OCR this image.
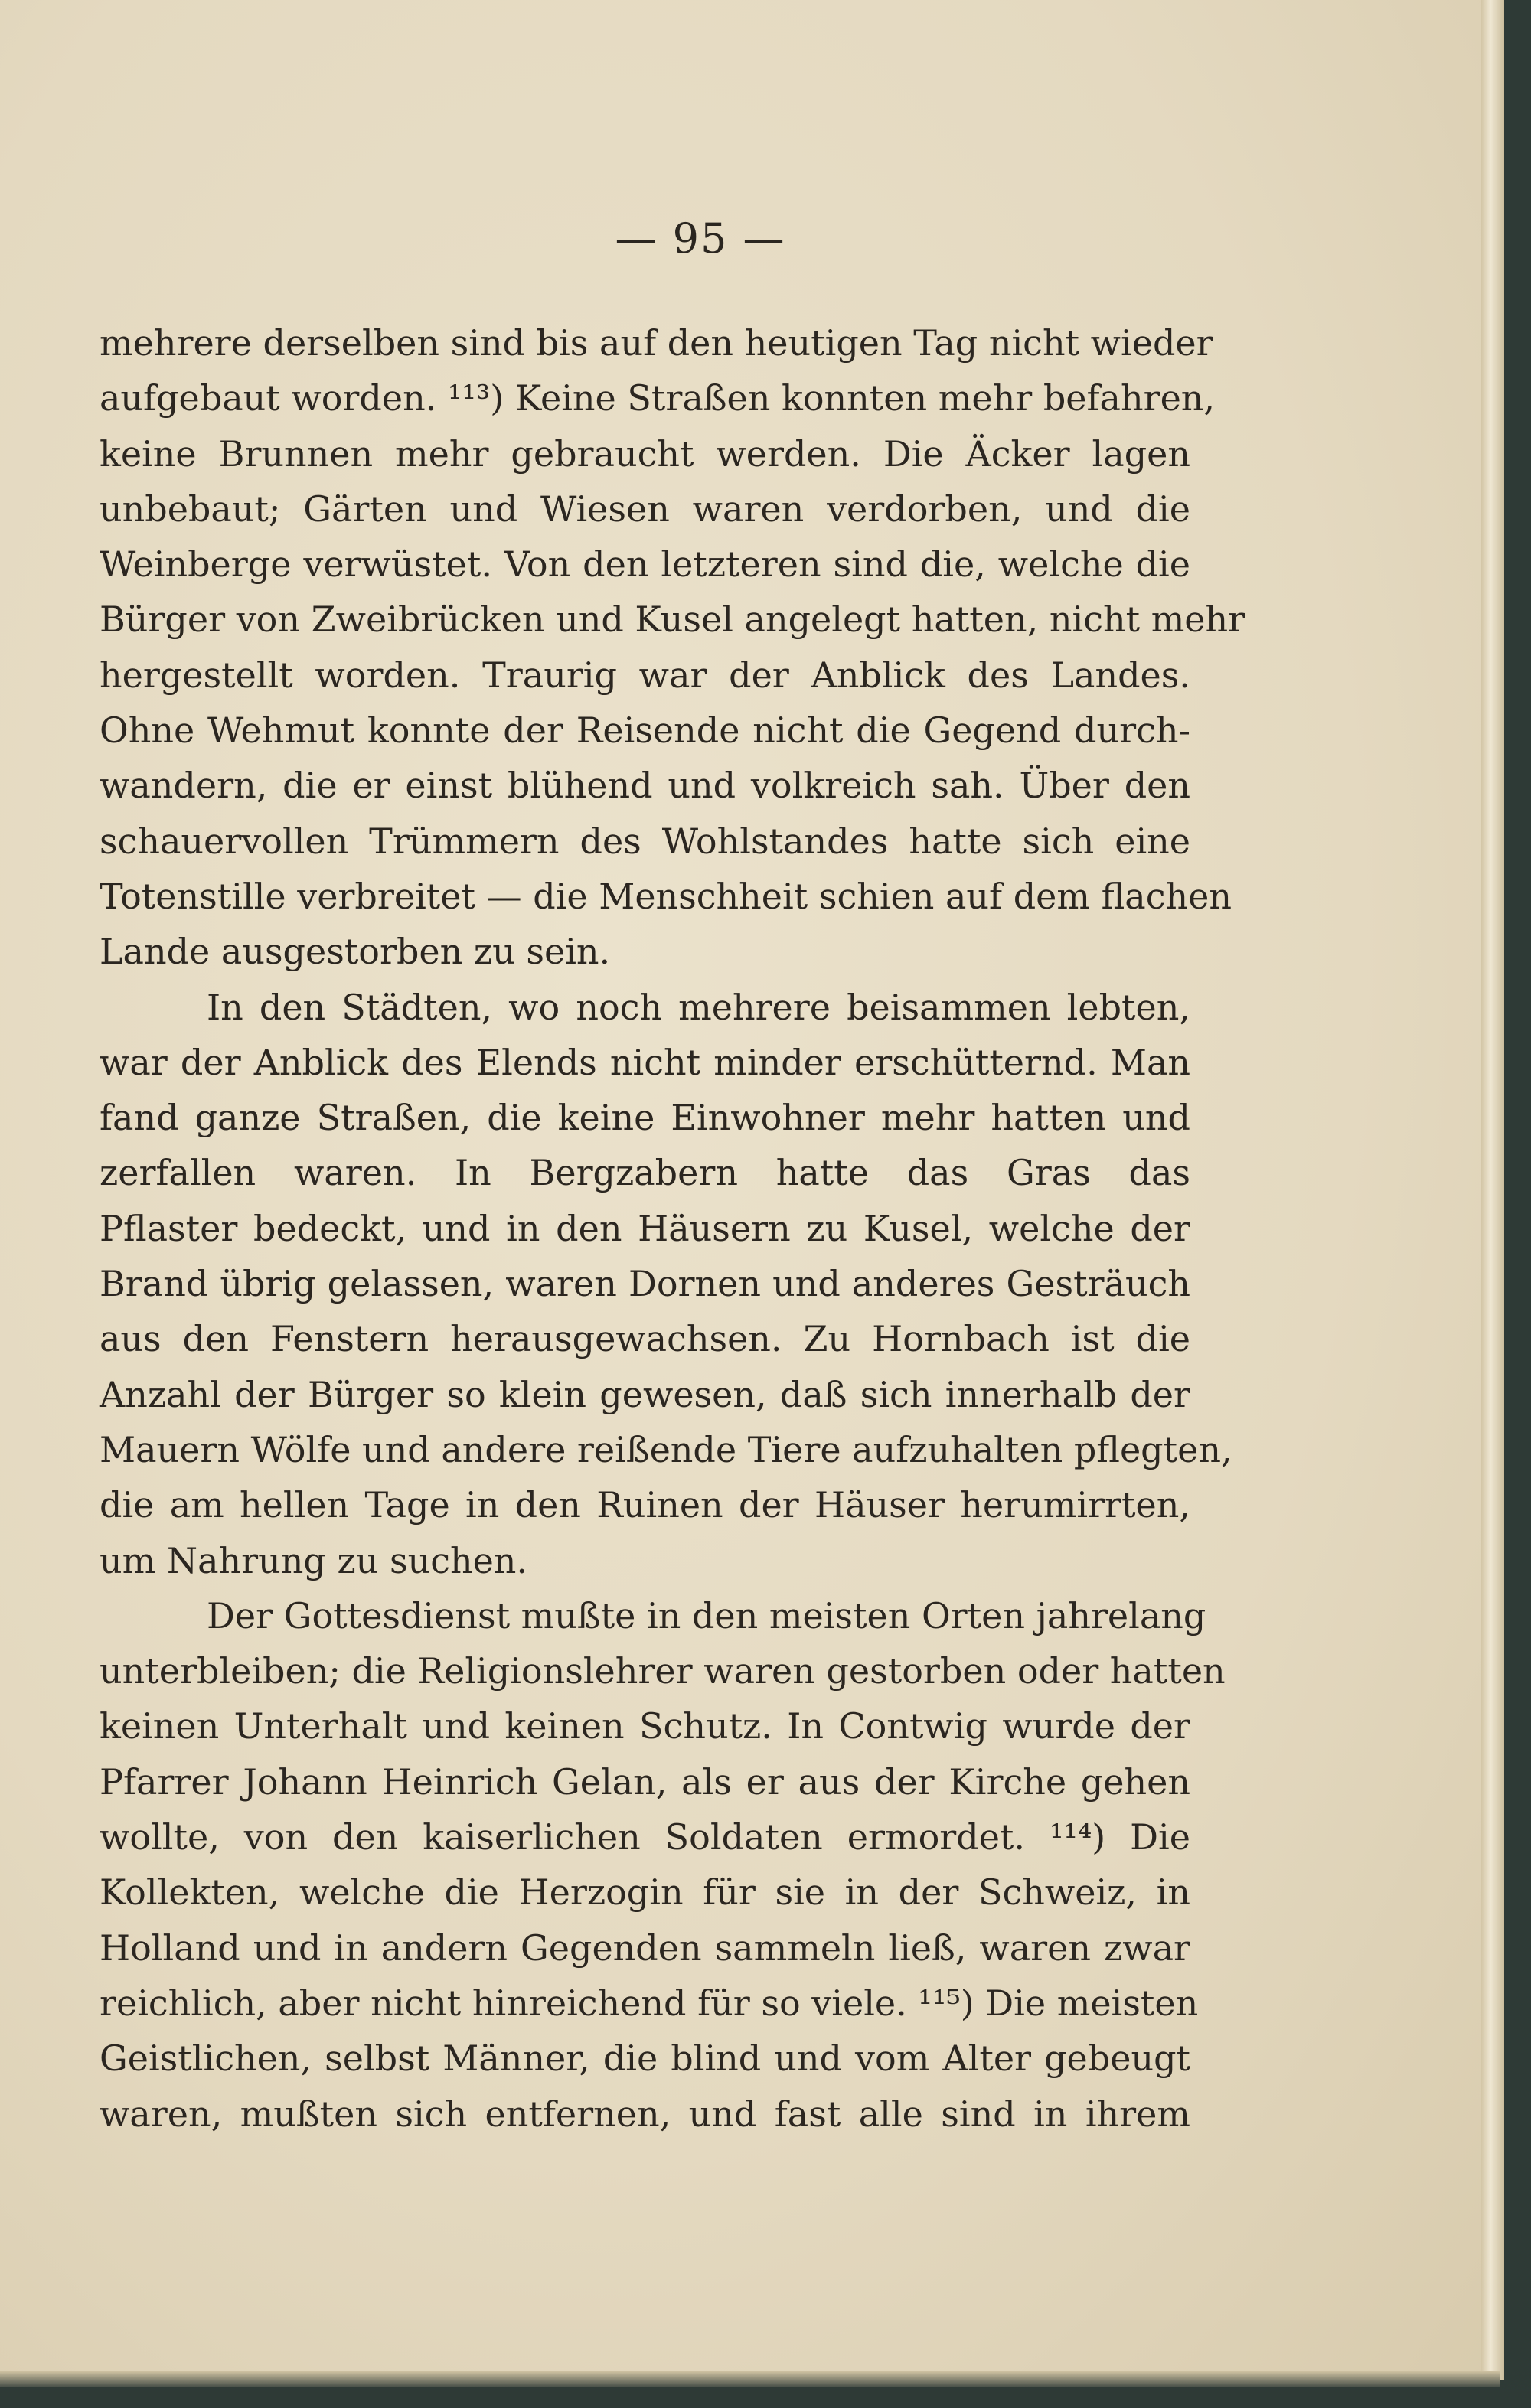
— 95 —
mehrere derselben sind bis auf den heutigen Tag nicht wieder
aufgebaut worden. ¹¹³) Keine Straßen konnten mehr befahren,
keine Brunnen mehr gebraucht werden. Die Äcker lagen
unbebaut; Gärten und Wiesen waren verdorben, und die
Weinberge verwüstet. Von den letzteren sind die, welche die
Bürger von Zweibrücken und Kusel angelegt hatten, nicht mehr
hergestellt worden. Traurig war der Anblick des Landes.
Ohne Wehmut konnte der Reisende nicht die Gegend durch-
wandern, die er einst blühend und volkreich sah. Über den
schauervollen Trümmern des Wohlstandes hatte sich eine
Totenstille verbreitet — die Menschheit schien auf dem flachen
Lande ausgestorben zu sein.
In den Städten, wo noch mehrere beisammen lebten,
war der Anblick des Elends nicht minder erschütternd. Man
fand ganze Straßen, die keine Einwohner mehr hatten und
zerfallen waren. In Bergzabern hatte das Gras das
Pflaster bedeckt, und in den Häusern zu Kusel, welche der
Brand übrig gelassen, waren Dornen und anderes Gesträuch
aus den Fenstern herausgewachsen. Zu Hornbach ist die
Anzahl der Bürger so klein gewesen, daß sich innerhalb der
Mauern Wölfe und andere reißende Tiere aufzuhalten pflegten,
die am hellen Tage in den Ruinen der Häuser herumirrten,
um Nahrung zu suchen.
Der Gottesdienst mußte in den meisten Orten jahrelang
unterbleiben; die Religionslehrer waren gestorben oder hatten
keinen Unterhalt und keinen Schutz. In Contwig wurde der
Pfarrer Johann Heinrich Gelan, als er aus der Kirche gehen
wollte, von den kaiserlichen Soldaten ermordet. ¹¹⁴) Die
Kollekten, welche die Herzogin für sie in der Schweiz, in
Holland und in andern Gegenden sammeln ließ, waren zwar
reichlich, aber nicht hinreichend für so viele. ¹¹⁵) Die meisten
Geistlichen, selbst Männer, die blind und vom Alter gebeugt
waren, mußten sich entfernen, und fast alle sind in ihrem
